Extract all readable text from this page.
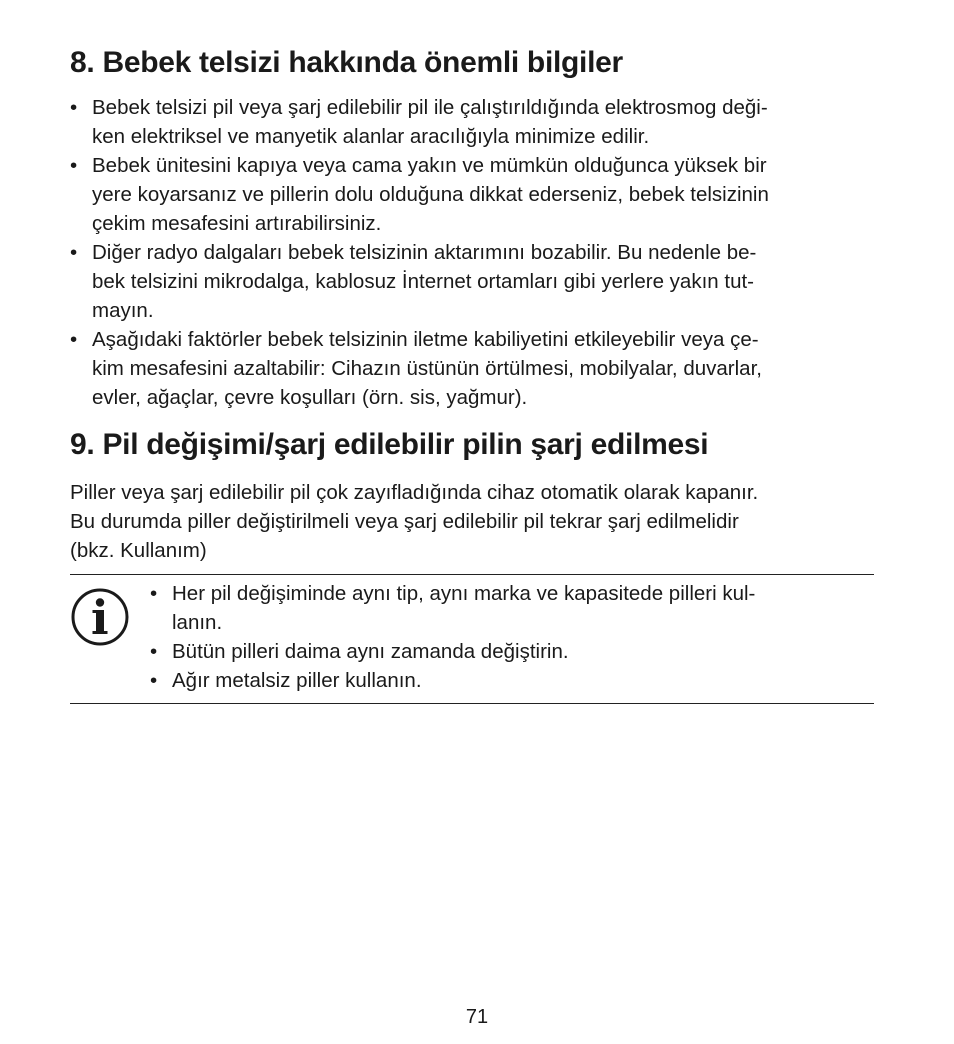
8. Bebek telsizi hakkında önemli bilgiler
• Bebek telsizi pil veya şarj edilebilir pil ile çalıştırıldığında elektrosmog deği-
ken elektriksel ve manyetik alanlar aracılığıyla minimize edilir.
• Bebek ünitesini kapıya veya cama yakın ve mümkün olduğunca yüksek bir
yere koyarsanız ve pillerin dolu olduğuna dikkat ederseniz, bebek telsizinin
çekim mesafesini artırabilirsiniz.
• Diğer radyo dalgaları bebek telsizinin aktarımını bozabilir. Bu nedenle be-
bek telsizini mikrodalga, kablosuz İnternet ortamları gibi yerlere yakın tut-
mayın.
• Aşağıdaki faktörler bebek telsizinin iletme kabiliyetini etkileyebilir veya çe-
kim mesafesini azaltabilir: Cihazın üstünün örtülmesi, mobilyalar, duvarlar,
evler, ağaçlar, çevre koşulları (örn. sis, yağmur).
9. Pil değişimi/şarj edilebilir pilin şarj edilmesi

Piller veya şarj edilebilir pil çok zayıfladığında cihaz otomatik olarak kapanır.
Bu durumda piller değiştirilmeli veya şarj edilebilir pil tekrar şarj edilmelidir
(bkz. Kullanım)

• Her pil değişiminde aynı tip, aynı marka ve kapasitede pilleri kul-
lanın.
• Bütün pilleri daima aynı zamanda değiştirin.
• Ağır metalsiz piller kullanın.
71
